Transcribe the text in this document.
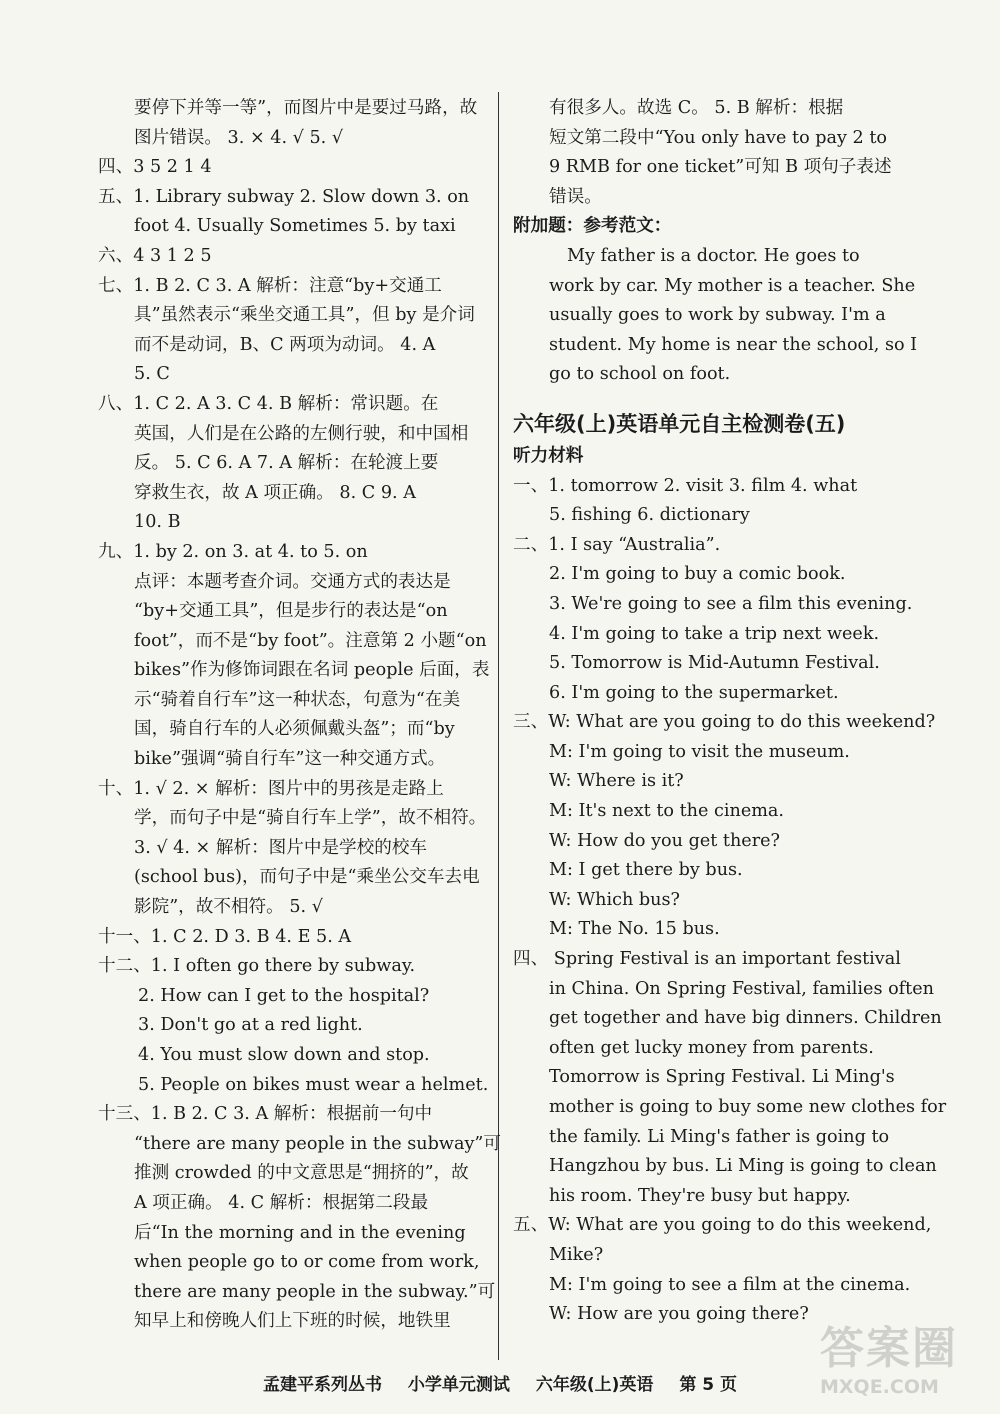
要停下并等一等”，而图片中是要过马路，故
图片错误。 3. × 4. √ 5. √
四、3 5 2 1 4
五、1. Library subway 2. Slow down 3. on
foot 4. Usually Sometimes 5. by taxi
六、4 3 1 2 5
七、1. B 2. C 3. A 解析：注意“by+交通工
具”虽然表示“乘坐交通工具”，但 by 是介词
而不是动词，B、C 两项为动词。 4. A
5. C
八、1. C 2. A 3. C 4. B 解析：常识题。在
英国，人们是在公路的左侧行驶，和中国相
反。 5. C 6. A 7. A 解析：在轮渡上要
穿救生衣，故 A 项正确。 8. C 9. A
10. B
九、1. by 2. on 3. at 4. to 5. on
点评：本题考查介词。交通方式的表达是
“by+交通工具”，但是步行的表达是“on
foot”，而不是“by foot”。注意第 2 小题“on
bikes”作为修饰词跟在名词 people 后面，表
示“骑着自行车”这一种状态，句意为“在美
国，骑自行车的人必须佩戴头盔”；而“by
bike”强调“骑自行车”这一种交通方式。
十、1. √ 2. × 解析：图片中的男孩是走路上
学，而句子中是“骑自行车上学”，故不相符。
3. √ 4. × 解析：图片中是学校的校车
(school bus)，而句子中是“乘坐公交车去电
影院”，故不相符。 5. √
十一、1. C 2. D 3. B 4. E 5. A
十二、1. I often go there by subway.
2. How can I get to the hospital?
3. Don't go at a red light.
4. You must slow down and stop.
5. People on bikes must wear a helmet.
十三、1. B 2. C 3. A 解析：根据前一句中
“there are many people in the subway”可
推测 crowded 的中文意思是“拥挤的”，故
A 项正确。 4. C 解析：根据第二段最
后“In the morning and in the evening
when people go to or come from work,
there are many people in the subway.”可
知早上和傍晚人们上下班的时候，地铁里
有很多人。故选 C。 5. B 解析：根据
短文第二段中“You only have to pay 2 to
9 RMB for one ticket”可知 B 项句子表述
错误。
附加题：参考范文：
My father is a doctor. He goes to
work by car. My mother is a teacher. She
usually goes to work by subway. I'm a
student. My home is near the school, so I
go to school on foot.
六年级(上)英语单元自主检测卷(五)
听力材料
一、1. tomorrow 2. visit 3. film 4. what
5. fishing 6. dictionary
二、1. I say “Australia”.
2. I'm going to buy a comic book.
3. We're going to see a film this evening.
4. I'm going to take a trip next week.
5. Tomorrow is Mid-Autumn Festival.
6. I'm going to the supermarket.
三、W: What are you going to do this weekend?
M: I'm going to visit the museum.
W: Where is it?
M: It's next to the cinema.
W: How do you get there?
M: I get there by bus.
W: Which bus?
M: The No. 15 bus.
四、 Spring Festival is an important festival
in China. On Spring Festival, families often
get together and have big dinners. Children
often get lucky money from parents.
Tomorrow is Spring Festival. Li Ming's
mother is going to buy some new clothes for
the family. Li Ming's father is going to
Hangzhou by bus. Li Ming is going to clean
his room. They're busy but happy.
五、W: What are you going to do this weekend,
Mike?
M: I'm going to see a film at the cinema.
W: How are you going there?
孟建平系列丛书 小学单元测试 六年级(上)英语 第 5 页
答案圈
MXQE.COM
